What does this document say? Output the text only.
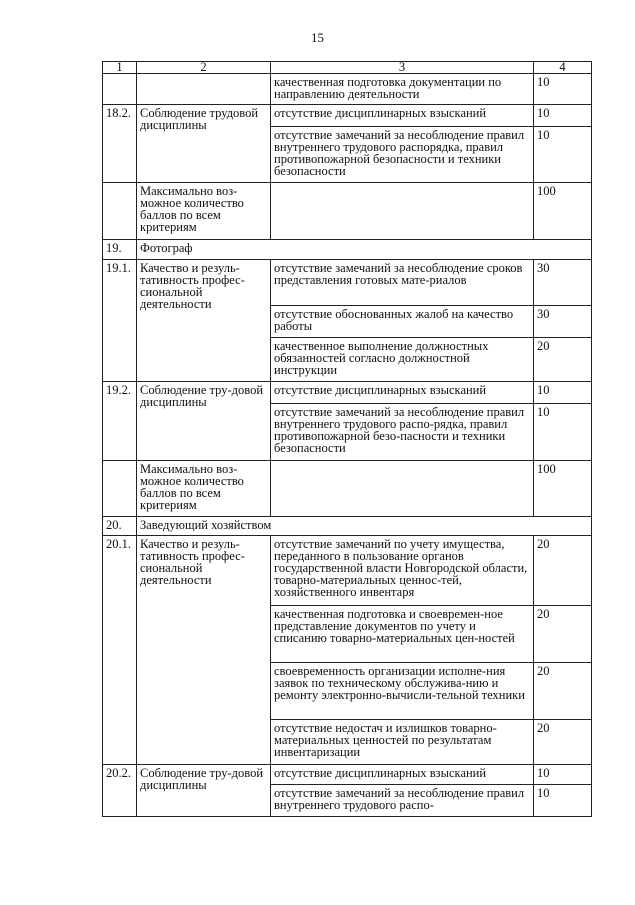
15
1	2	3	4
		качественная подготовка документации по направлению деятельности	10
18.2.	Соблюдение трудовой дисциплины	отсутствие дисциплинарных взысканий	10
		отсутствие замечаний за несоблюдение правил внутреннего трудового распорядка, правил противопожарной безопасности и техники безопасности	10
	Максимально воз-можное количество баллов по всем критериям		100
19.	Фотограф		
19.1.	Качество и резуль-тативность профес-сиональной деятельности	отсутствие замечаний за несоблюдение сроков представления готовых мате-риалов	30
		отсутствие обоснованных жалоб на качество работы	30
		качественное выполнение должностных обязанностей согласно должностной инструкции	20
19.2.	Соблюдение тру-довой дисциплины	отсутствие дисциплинарных взысканий	10
		отсутствие замечаний за несоблюдение правил внутреннего трудового распо-рядка, правил противопожарной безо-пасности и техники безопасности	10
	Максимально воз-можное количество баллов по всем критериям		100
20.	Заведующий хозяйством		
20.1.	Качество и резуль-тативность профес-сиональной деятельности	отсутствие замечаний по учету имущества, переданного в пользование органов государственной власти Новгородской области, товарно-материальных ценнос-тей, хозяйственного инвентаря	20
		качественная подготовка и своевремен-ное представление документов по учету и списанию товарно-материальных цен-ностей	20
		своевременность организации исполне-ния заявок по техническому обслужива-нию и ремонту электронно-вычисли-тельной техники	20
		отсутствие недостач и излишков товарно-материальных ценностей по результатам инвентаризации	20
20.2.	Соблюдение тру-довой дисциплины	отсутствие дисциплинарных взысканий	10
		отсутствие замечаний за несоблюдение правил внутреннего трудового распо-	10
